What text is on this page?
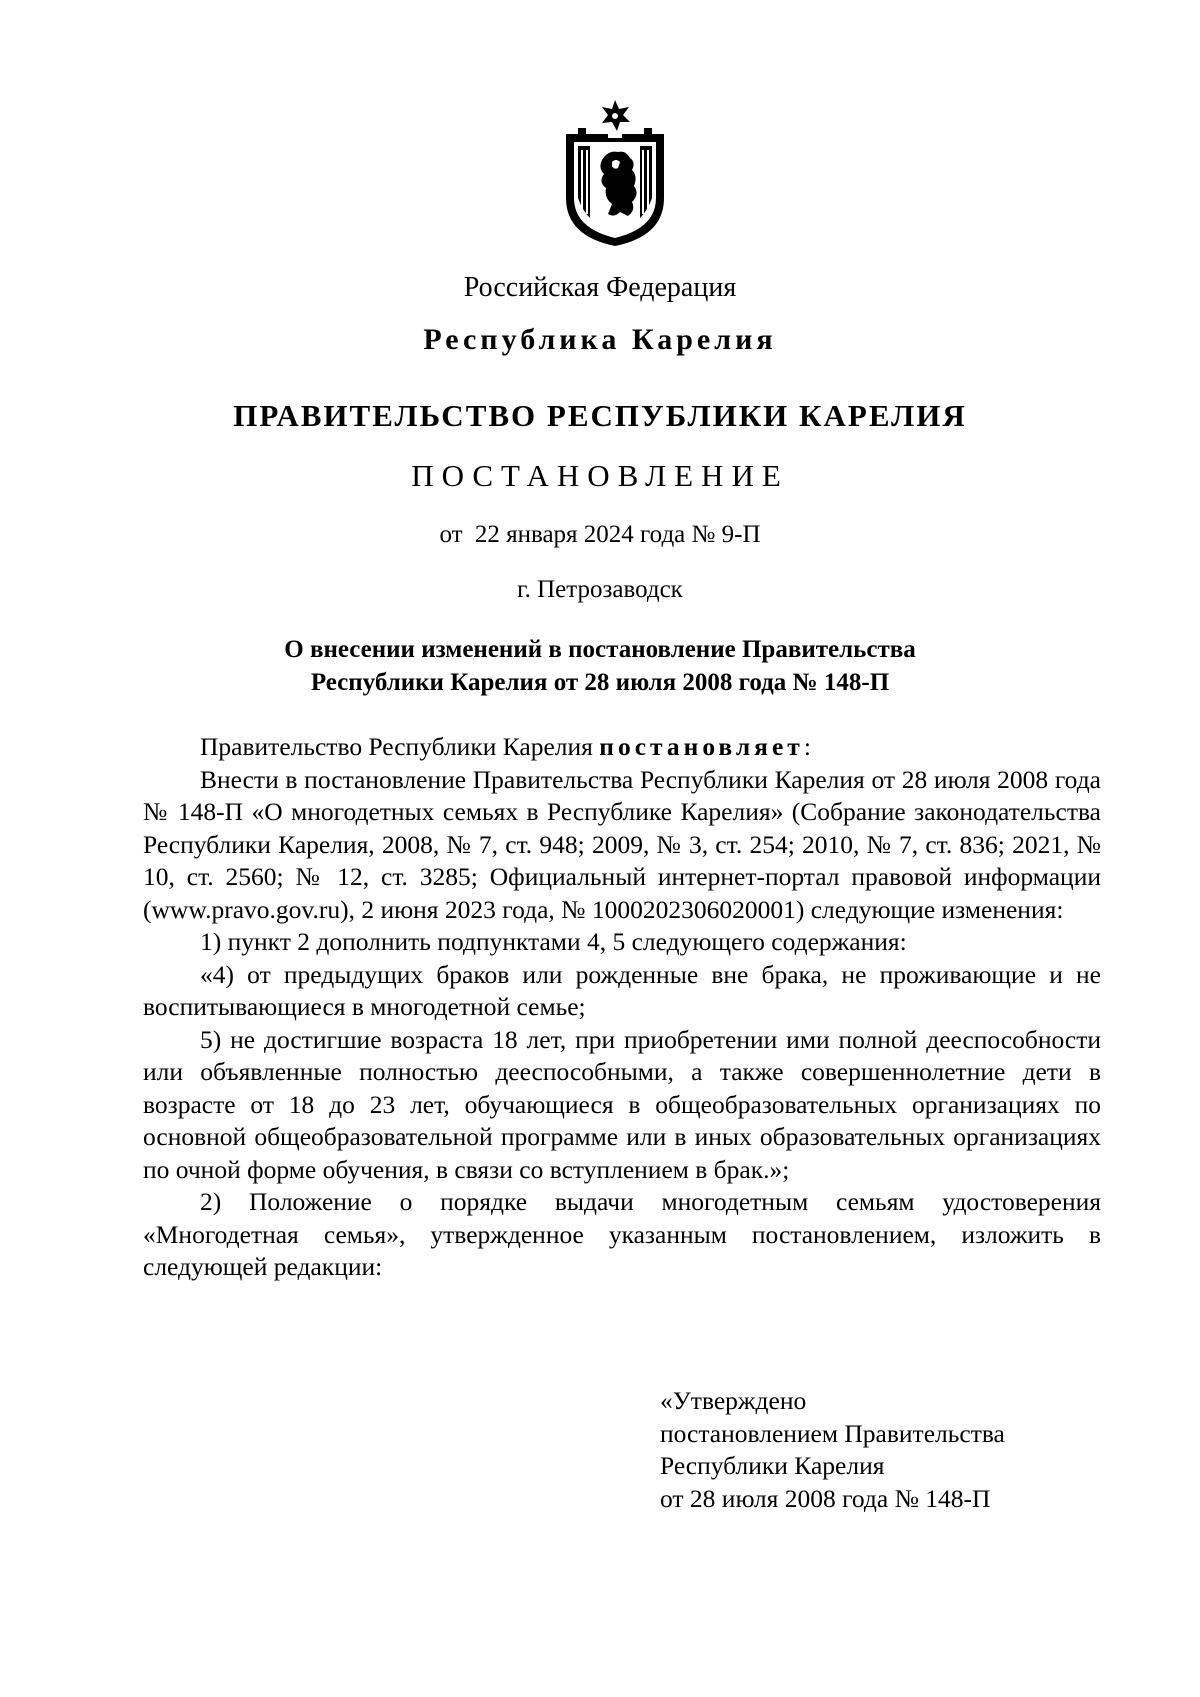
Российская Федерация
Республика Карелия
ПРАВИТЕЛЬСТВО РЕСПУБЛИКИ КАРЕЛИЯ
ПОСТАНОВЛЕНИЕ
от 22 января 2024 года № 9-П
г. Петрозаводск
О внесении изменений в постановление Правительства
Республики Карелия от 28 июля 2008 года № 148-П

Правительство Республики Карелия постановляет:

Внести в постановление Правительства Республики Карелия от 28 июля 2008 года № 148-П «О многодетных семьях в Республике Карелия» (Собрание законодательства Республики Карелия, 2008, № 7, ст. 948; 2009, № 3, ст. 254; 2010, № 7, ст. 836; 2021, № 10, ст. 2560; № 12, ст. 3285; Официальный интернет-портал правовой информации (www.pravo.gov.ru), 2 июня 2023 года, № 1000202306020001) следующие изменения:

1) пункт 2 дополнить подпунктами 4, 5 следующего содержания:

«4) от предыдущих браков или рожденные вне брака, не проживающие и не воспитывающиеся в многодетной семье;

5) не достигшие возраста 18 лет, при приобретении ими полной дееспособности или объявленные полностью дееспособными, а также совершеннолетние дети в возрасте от 18 до 23 лет, обучающиеся в общеобразовательных организациях по основной общеобразовательной программе или в иных образовательных организациях по очной форме обучения, в связи со вступлением в брак.»;

2) Положение о порядке выдачи многодетным семьям удостоверения «Многодетная семья», утвержденное указанным постановлением, изложить в следующей редакции:

«Утверждено
постановлением Правительства
Республики Карелия
от 28 июля 2008 года № 148-П
